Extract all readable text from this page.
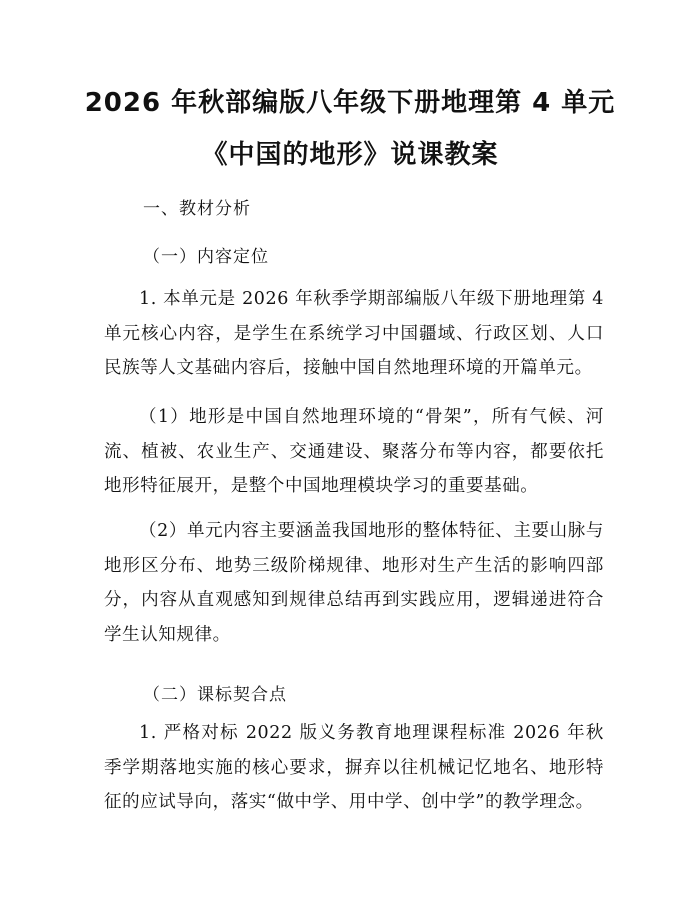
2026 年秋部编版八年级下册地理第 4 单元
《中国的地形》说课教案
一、教材分析
（一）内容定位
1. 本单元是 2026 年秋季学期部编版八年级下册地理第 4 单元核心内容，是学生在系统学习中国疆域、行政区划、人口民族等人文基础内容后，接触中国自然地理环境的开篇单元。
（1）地形是中国自然地理环境的“骨架”，所有气候、河流、植被、农业生产、交通建设、聚落分布等内容，都要依托地形特征展开，是整个中国地理模块学习的重要基础。
（2）单元内容主要涵盖我国地形的整体特征、主要山脉与地形区分布、地势三级阶梯规律、地形对生产生活的影响四部分，内容从直观感知到规律总结再到实践应用，逻辑递进符合学生认知规律。
（二）课标契合点
1. 严格对标 2022 版义务教育地理课程标准 2026 年秋季学期落地实施的核心要求，摒弃以往机械记忆地名、地形特征的应试导向，落实“做中学、用中学、创中学”的教学理念。
